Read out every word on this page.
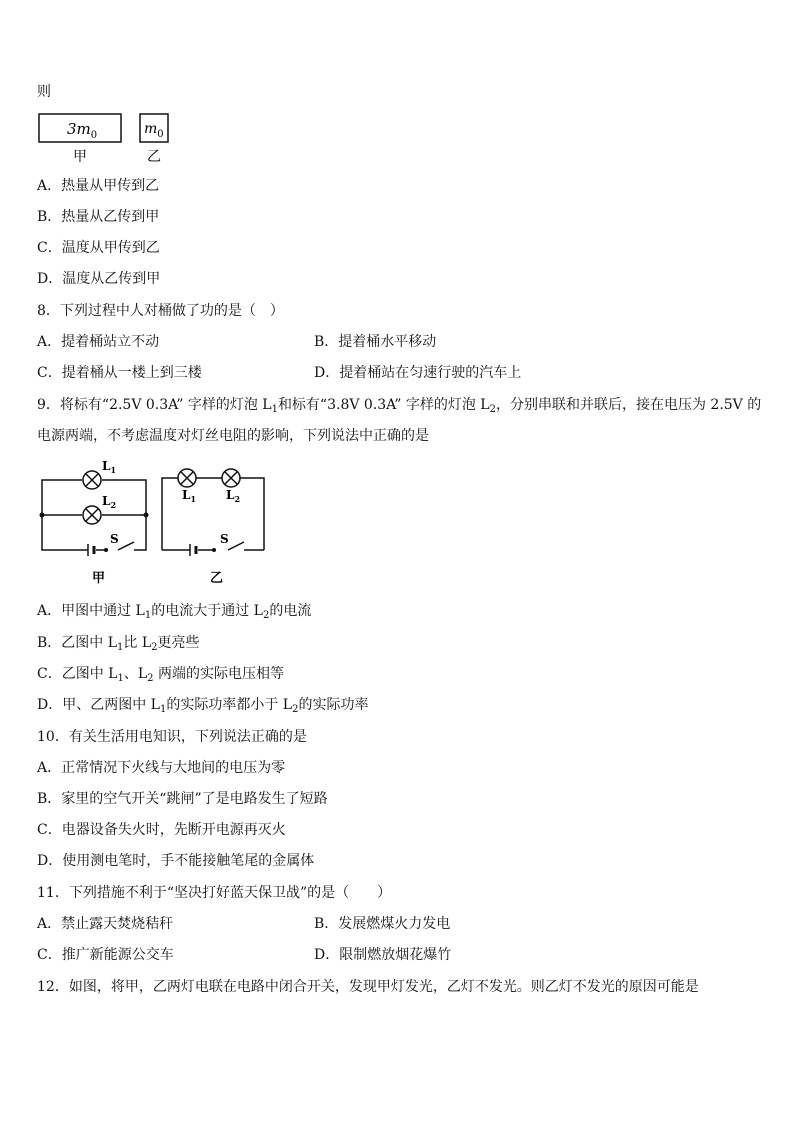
则
$3m_0$	$m_0$
甲	乙
A．热量从甲传到乙
B．热量从乙传到甲
C．温度从甲传到乙
D．温度从乙传到甲
8．下列过程中人对桶做了功的是（　）
A．提着桶站立不动	B．提着桶水平移动
C．提着桶从一楼上到三楼	D．提着桶站在匀速行驶的汽车上
9．将标有“2.5V 0.3A” 字样的灯泡 $L_1$和标有“3.8V 0.3A” 字样的灯泡 $L_2$，分别串联和并联后，接在电压为 2.5V 的
电源两端，不考虑温度对灯丝电阻的影响，下列说法中正确的是
$L_1$
$L_2$
S
甲
$L_1$ $L_2$
S
乙
A．甲图中通过 $L_1$的电流大于通过 $L_2$的电流
B．乙图中 $L_1$比 $L_2$更亮些
C．乙图中 $L_1$、$L_2$ 两端的实际电压相等
D．甲、乙两图中 $L_1$的实际功率都小于 $L_2$的实际功率
10．有关生活用电知识，下列说法正确的是
A．正常情况下火线与大地间的电压为零
B．家里的空气开关“跳闸”了是电路发生了短路
C．电器设备失火时，先断开电源再灭火
D．使用测电笔时，手不能接触笔尾的金属体
11．下列措施不利于“坚决打好蓝天保卫战”的是（　　）
A．禁止露天焚烧秸秆	B．发展燃煤火力发电
C．推广新能源公交车	D．限制燃放烟花爆竹
12．如图，将甲，乙两灯电联在电路中闭合开关，发现甲灯发光，乙灯不发光。则乙灯不发光的原因可能是
